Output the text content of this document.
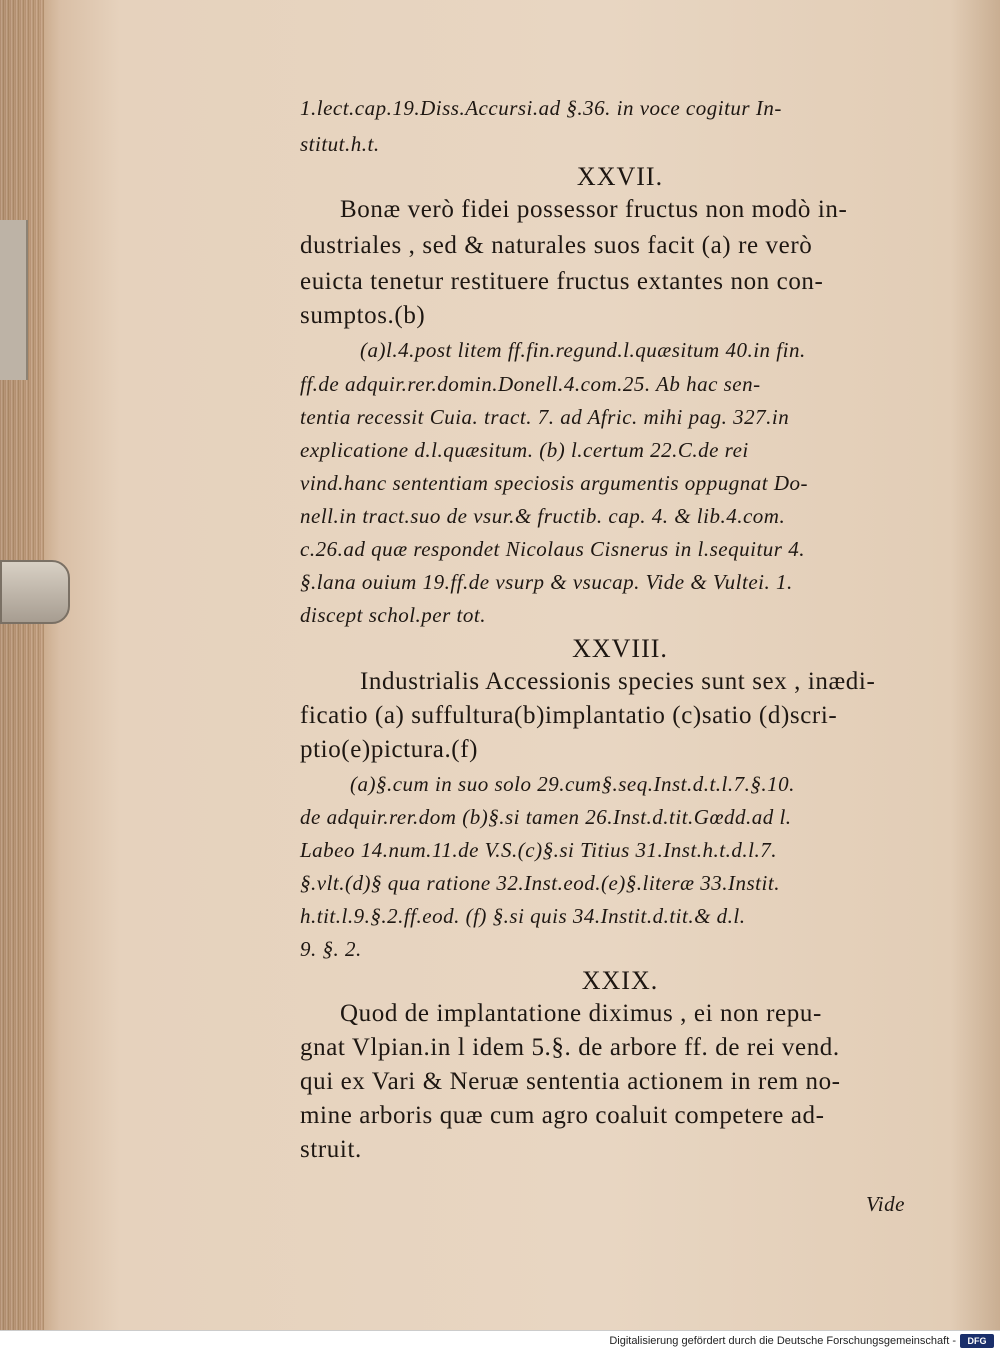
1.lect.cap.19.Diss.Accursi.ad §.36. in voce cogitur In-
stitut.h.t.
XXVII.
Bonæ verò fidei possessor fructus non modò in-
dustriales , sed & naturales suos facit (a) re verò
euicta tenetur restituere fructus extantes non con-
sumptos.(b)
(a)l.4.post litem ff.fin.regund.l.quæsitum 40.in fin.
ff.de adquir.rer.domin.Donell.4.com.25. Ab hac sen-
tentia recessit Cuia. tract. 7. ad Afric. mihi pag. 327.in
explicatione d.l.quæsitum. (b) l.certum 22.C.de rei
vind.hanc sententiam speciosis argumentis oppugnat Do-
nell.in tract.suo de vsur.& fructib. cap. 4. & lib.4.com.
c.26.ad quæ respondet Nicolaus Cisnerus in l.sequitur 4.
§.lana ouium 19.ff.de vsurp & vsucap. Vide & Vultei. 1.
discept schol.per tot.
XXVIII.
Industrialis Accessionis species sunt sex , inædi-
ficatio (a) suffultura(b)implantatio (c)satio (d)scri-
ptio(e)pictura.(f)
(a)§.cum in suo solo 29.cum§.seq.Inst.d.t.l.7.§.10.
de adquir.rer.dom (b)§.si tamen 26.Inst.d.tit.Gœdd.ad l.
Labeo 14.num.11.de V.S.(c)§.si Titius 31.Inst.h.t.d.l.7.
§.vlt.(d)§ qua ratione 32.Inst.eod.(e)§.literæ 33.Instit.
h.tit.l.9.§.2.ff.eod. (f) §.si quis 34.Instit.d.tit.& d.l.
9. §. 2.
XXIX.
Quod de implantatione diximus , ei non repu-
gnat Vlpian.in l idem 5.§. de arbore ff. de rei vend.
qui ex Vari & Neruæ sententia actionem in rem no-
mine arboris quæ cum agro coaluit competere ad-
struit.
Vide
Digitalisierung gefördert durch die Deutsche Forschungsgemeinschaft -	DFG
